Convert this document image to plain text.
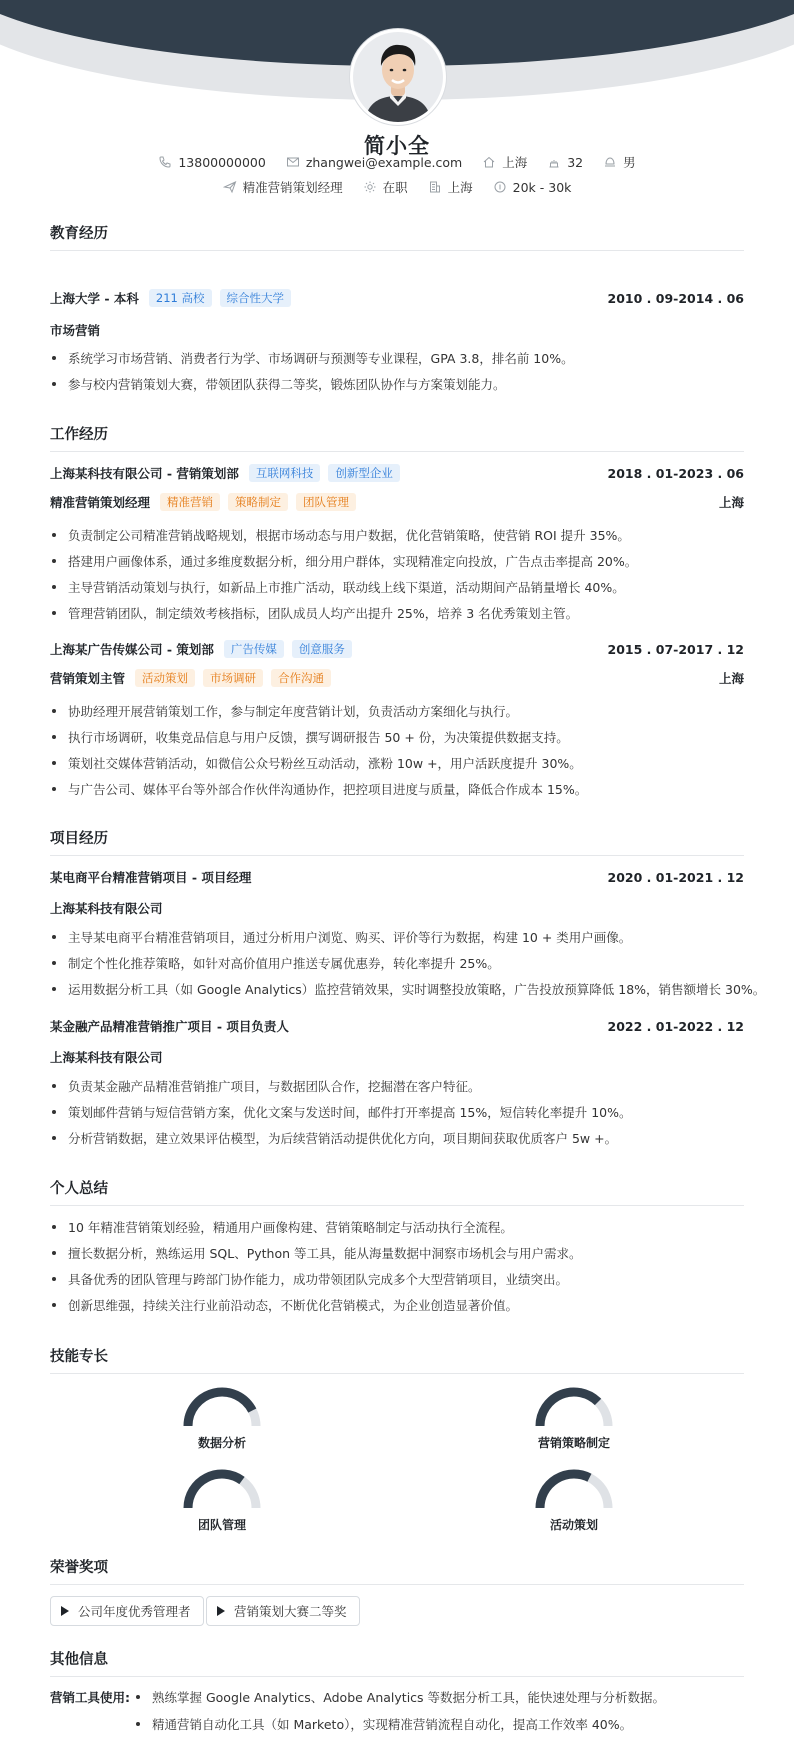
简小全
13800000000	zhangwei@example.com	上海	32	男
精准营销策划经理	在职	上海	20k - 30k
教育经历
上海大学 - 本科	211 高校	综合性大学	2010 . 09-2014 . 06
市场营销
系统学习市场营销、消费者行为学、市场调研与预测等专业课程，GPA 3.8，排名前 10%。
参与校内营销策划大赛，带领团队获得二等奖，锻炼团队协作与方案策划能力。
工作经历
上海某科技有限公司 - 营销策划部	互联网科技	创新型企业	2018 . 01-2023 . 06
精准营销策划经理	精准营销	策略制定	团队管理	上海
负责制定公司精准营销战略规划，根据市场动态与用户数据，优化营销策略，使营销 ROI 提升 35%。
搭建用户画像体系，通过多维度数据分析，细分用户群体，实现精准定向投放，广告点击率提高 20%。
主导营销活动策划与执行，如新品上市推广活动，联动线上线下渠道，活动期间产品销量增长 40%。
管理营销团队，制定绩效考核指标，团队成员人均产出提升 25%，培养 3 名优秀策划主管。
上海某广告传媒公司 - 策划部	广告传媒	创意服务	2015 . 07-2017 . 12
营销策划主管	活动策划	市场调研	合作沟通	上海
协助经理开展营销策划工作，参与制定年度营销计划，负责活动方案细化与执行。
执行市场调研，收集竞品信息与用户反馈，撰写调研报告 50 + 份，为决策提供数据支持。
策划社交媒体营销活动，如微信公众号粉丝互动活动，涨粉 10w +，用户活跃度提升 30%。
与广告公司、媒体平台等外部合作伙伴沟通协作，把控项目进度与质量，降低合作成本 15%。
项目经历
某电商平台精准营销项目 - 项目经理	2020 . 01-2021 . 12
上海某科技有限公司
主导某电商平台精准营销项目，通过分析用户浏览、购买、评价等行为数据，构建 10 + 类用户画像。
制定个性化推荐策略，如针对高价值用户推送专属优惠券，转化率提升 25%。
运用数据分析工具（如 Google Analytics）监控营销效果，实时调整投放策略，广告投放预算降低 18%，销售额增长 30%。
某金融产品精准营销推广项目 - 项目负责人	2022 . 01-2022 . 12
上海某科技有限公司
负责某金融产品精准营销推广项目，与数据团队合作，挖掘潜在客户特征。
策划邮件营销与短信营销方案，优化文案与发送时间，邮件打开率提高 15%，短信转化率提升 10%。
分析营销数据，建立效果评估模型，为后续营销活动提供优化方向，项目期间获取优质客户 5w +。
个人总结
10 年精准营销策划经验，精通用户画像构建、营销策略制定与活动执行全流程。
擅长数据分析，熟练运用 SQL、Python 等工具，能从海量数据中洞察市场机会与用户需求。
具备优秀的团队管理与跨部门协作能力，成功带领团队完成多个大型营销项目，业绩突出。
创新思维强，持续关注行业前沿动态，不断优化营销模式，为企业创造显著价值。
技能专长
数据分析	营销策略制定
团队管理	活动策划
荣誉奖项
公司年度优秀管理者	营销策划大赛二等奖
其他信息
营销工具使用: 熟练掌握 Google Analytics、Adobe Analytics 等数据分析工具，能快速处理与分析数据。
精通营销自动化工具（如 Marketo），实现精准营销流程自动化，提高工作效率 40%。
